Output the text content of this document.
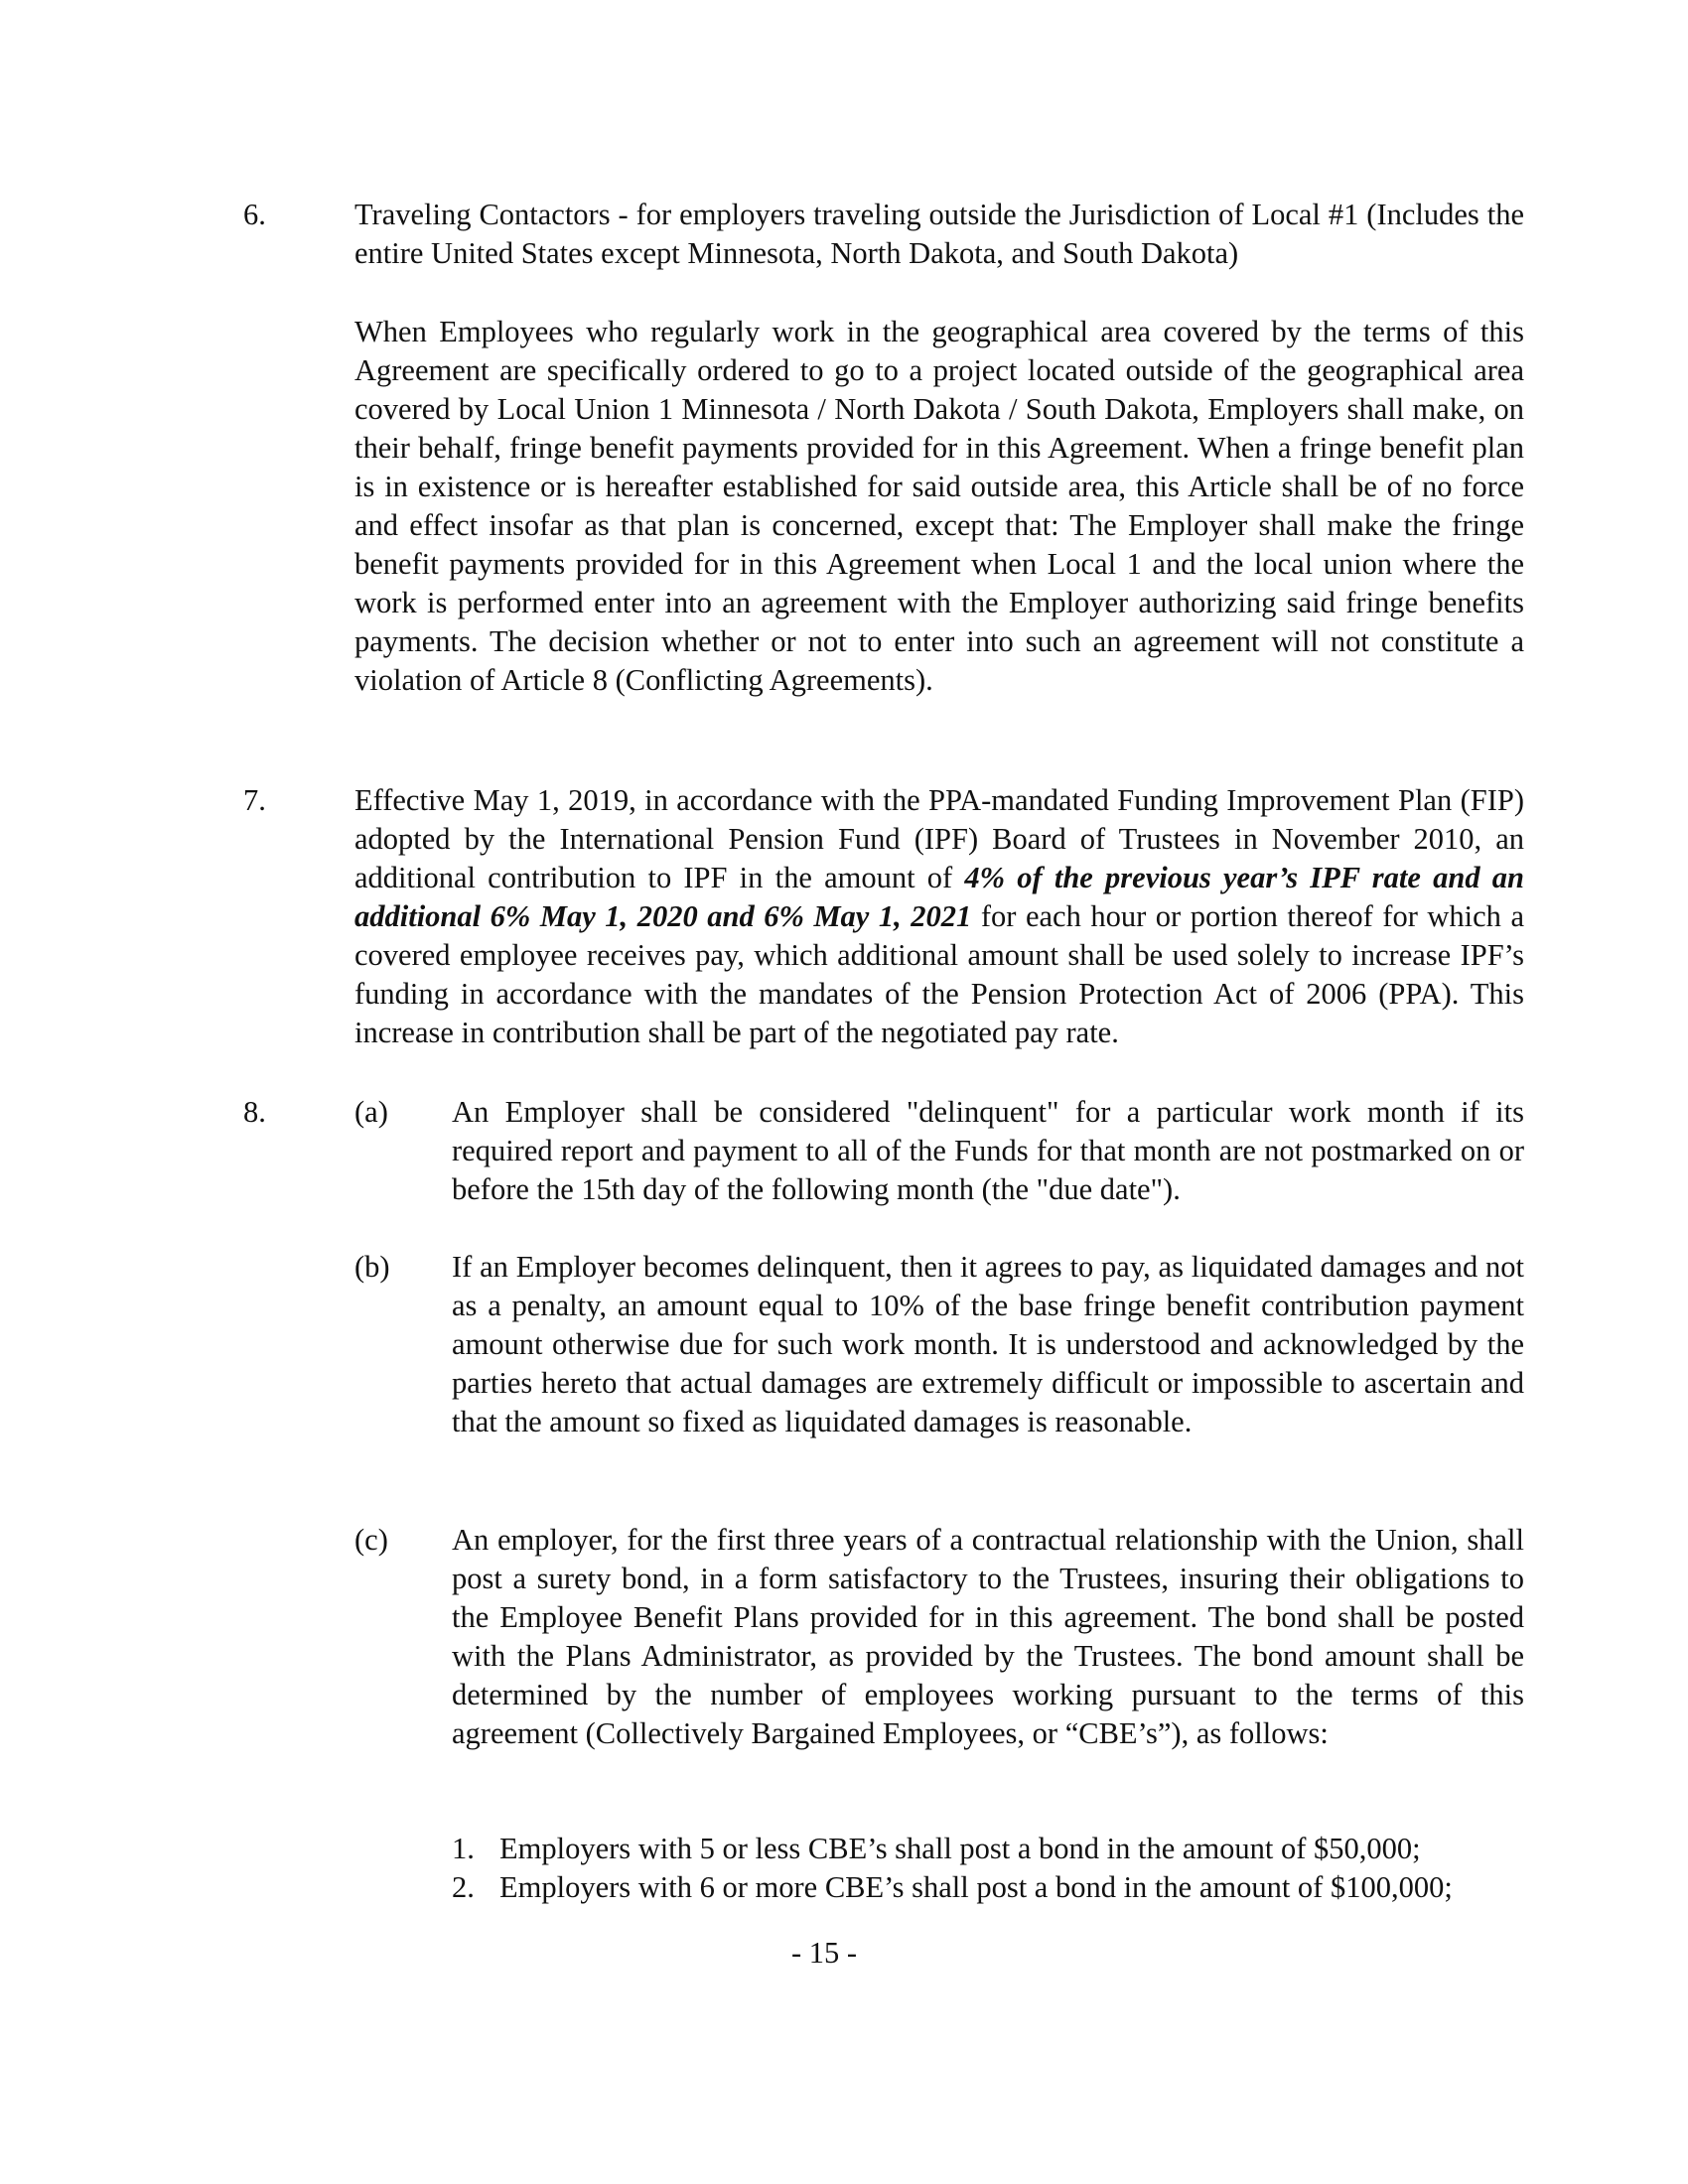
6.	Traveling Contactors - for employers traveling outside the Jurisdiction of Local #1 (Includes the entire United States except Minnesota, North Dakota, and South Dakota)
When Employees who regularly work in the geographical area covered by the terms of this Agreement are specifically ordered to go to a project located outside of the geographical area covered by Local Union 1 Minnesota / North Dakota / South Dakota, Employers shall make, on their behalf, fringe benefit payments provided for in this Agreement. When a fringe benefit plan is in existence or is hereafter established for said outside area, this Article shall be of no force and effect insofar as that plan is concerned, except that: The Employer shall make the fringe benefit payments provided for in this Agreement when Local 1 and the local union where the work is performed enter into an agreement with the Employer authorizing said fringe benefits payments. The decision whether or not to enter into such an agreement will not constitute a violation of Article 8 (Conflicting Agreements).
7.	Effective May 1, 2019, in accordance with the PPA-mandated Funding Improvement Plan (FIP) adopted by the International Pension Fund (IPF) Board of Trustees in November 2010, an additional contribution to IPF in the amount of 4% of the previous year’s IPF rate and an additional 6% May 1, 2020 and 6% May 1, 2021 for each hour or portion thereof for which a covered employee receives pay, which additional amount shall be used solely to increase IPF’s funding in accordance with the mandates of the Pension Protection Act of 2006 (PPA). This increase in contribution shall be part of the negotiated pay rate.
8.	(a) An Employer shall be considered "delinquent" for a particular work month if its required report and payment to all of the Funds for that month are not postmarked on or before the 15th day of the following month (the "due date").
(b) If an Employer becomes delinquent, then it agrees to pay, as liquidated damages and not as a penalty, an amount equal to 10% of the base fringe benefit contribution payment amount otherwise due for such work month. It is understood and acknowledged by the parties hereto that actual damages are extremely difficult or impossible to ascertain and that the amount so fixed as liquidated damages is reasonable.
(c) An employer, for the first three years of a contractual relationship with the Union, shall post a surety bond, in a form satisfactory to the Trustees, insuring their obligations to the Employee Benefit Plans provided for in this agreement. The bond shall be posted with the Plans Administrator, as provided by the Trustees. The bond amount shall be determined by the number of employees working pursuant to the terms of this agreement (Collectively Bargained Employees, or “CBE’s”), as follows:
1. Employers with 5 or less CBE’s shall post a bond in the amount of $50,000;
2. Employers with 6 or more CBE’s shall post a bond in the amount of $100,000;
- 15 -
